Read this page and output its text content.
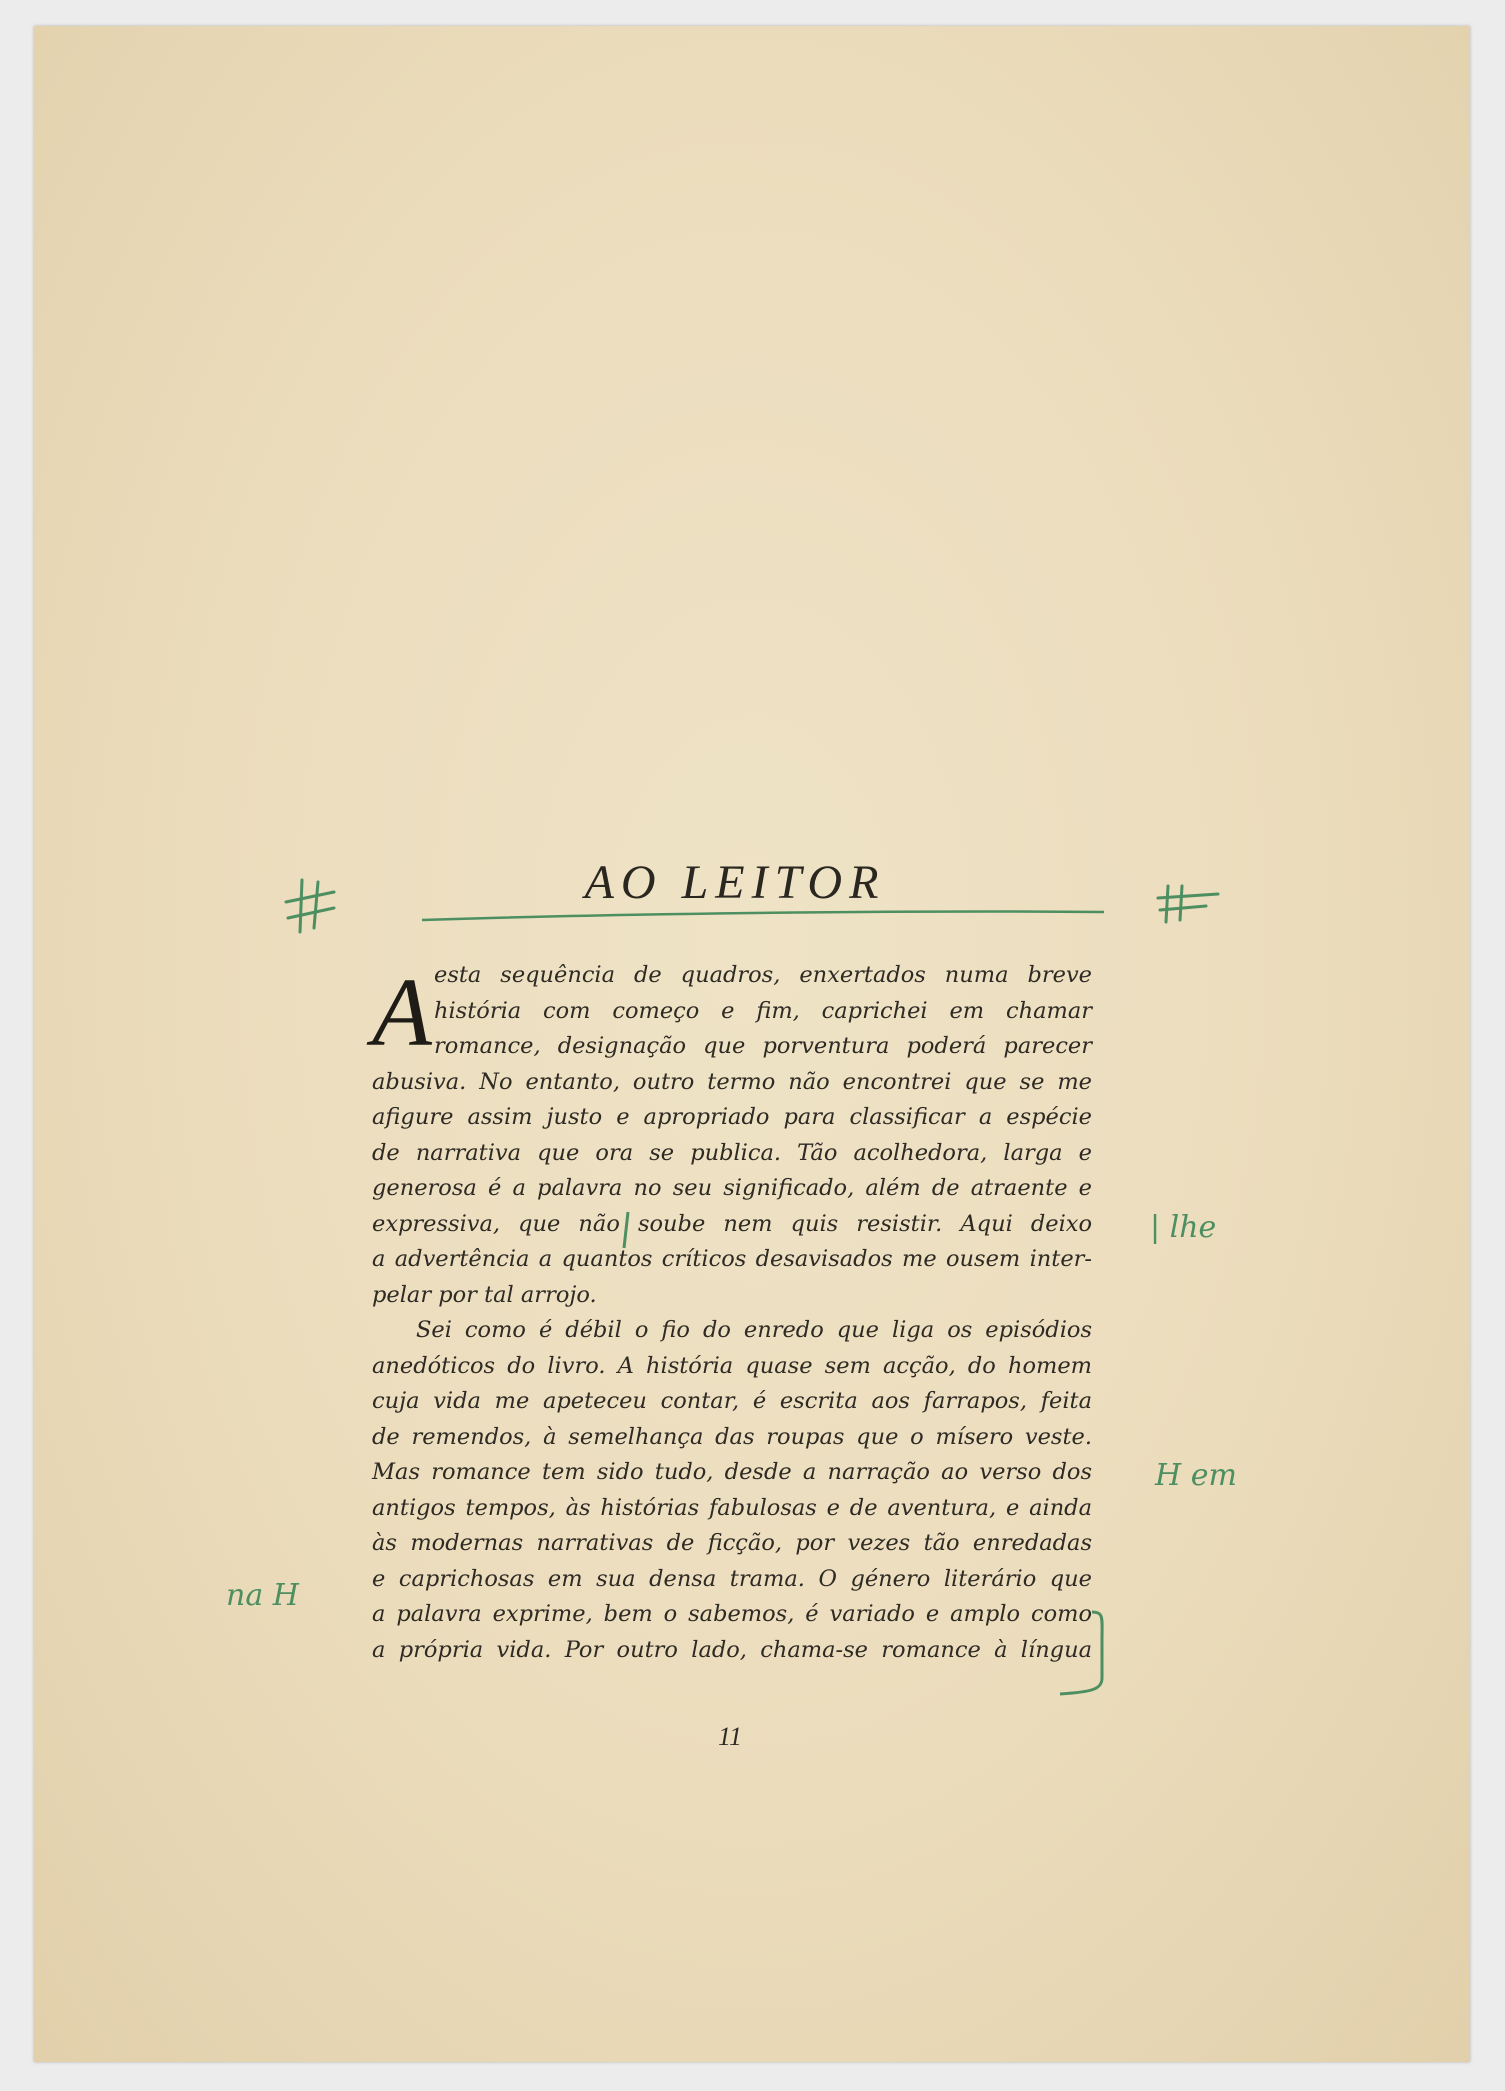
AO LEITOR
A esta sequência de quadros, enxertados numa breve
história com começo e fim, caprichei em chamar
romance, designação que porventura poderá parecer
abusiva. No entanto, outro termo não encontrei que se me
afigure assim justo e apropriado para classificar a espécie
de narrativa que ora se publica. Tão acolhedora, larga e
generosa é a palavra no seu significado, além de atraente e
expressiva, que não soube nem quis resistir. Aqui deixo
a advertência a quantos críticos desavisados me ousem inter-
pelar por tal arrojo.
Sei como é débil o fio do enredo que liga os episódios
anedóticos do livro. A história quase sem acção, do homem
cuja vida me apeteceu contar, é escrita aos farrapos, feita
de remendos, à semelhança das roupas que o mísero veste.
Mas romance tem sido tudo, desde a narração ao verso dos
antigos tempos, às histórias fabulosas e de aventura, e ainda
às modernas narrativas de ficção, por vezes tão enredadas
e caprichosas em sua densa trama. O género literário que
a palavra exprime, bem o sabemos, é variado e amplo como
a própria vida. Por outro lado, chama-se romance à língua
11
| lhe
H em
na H
